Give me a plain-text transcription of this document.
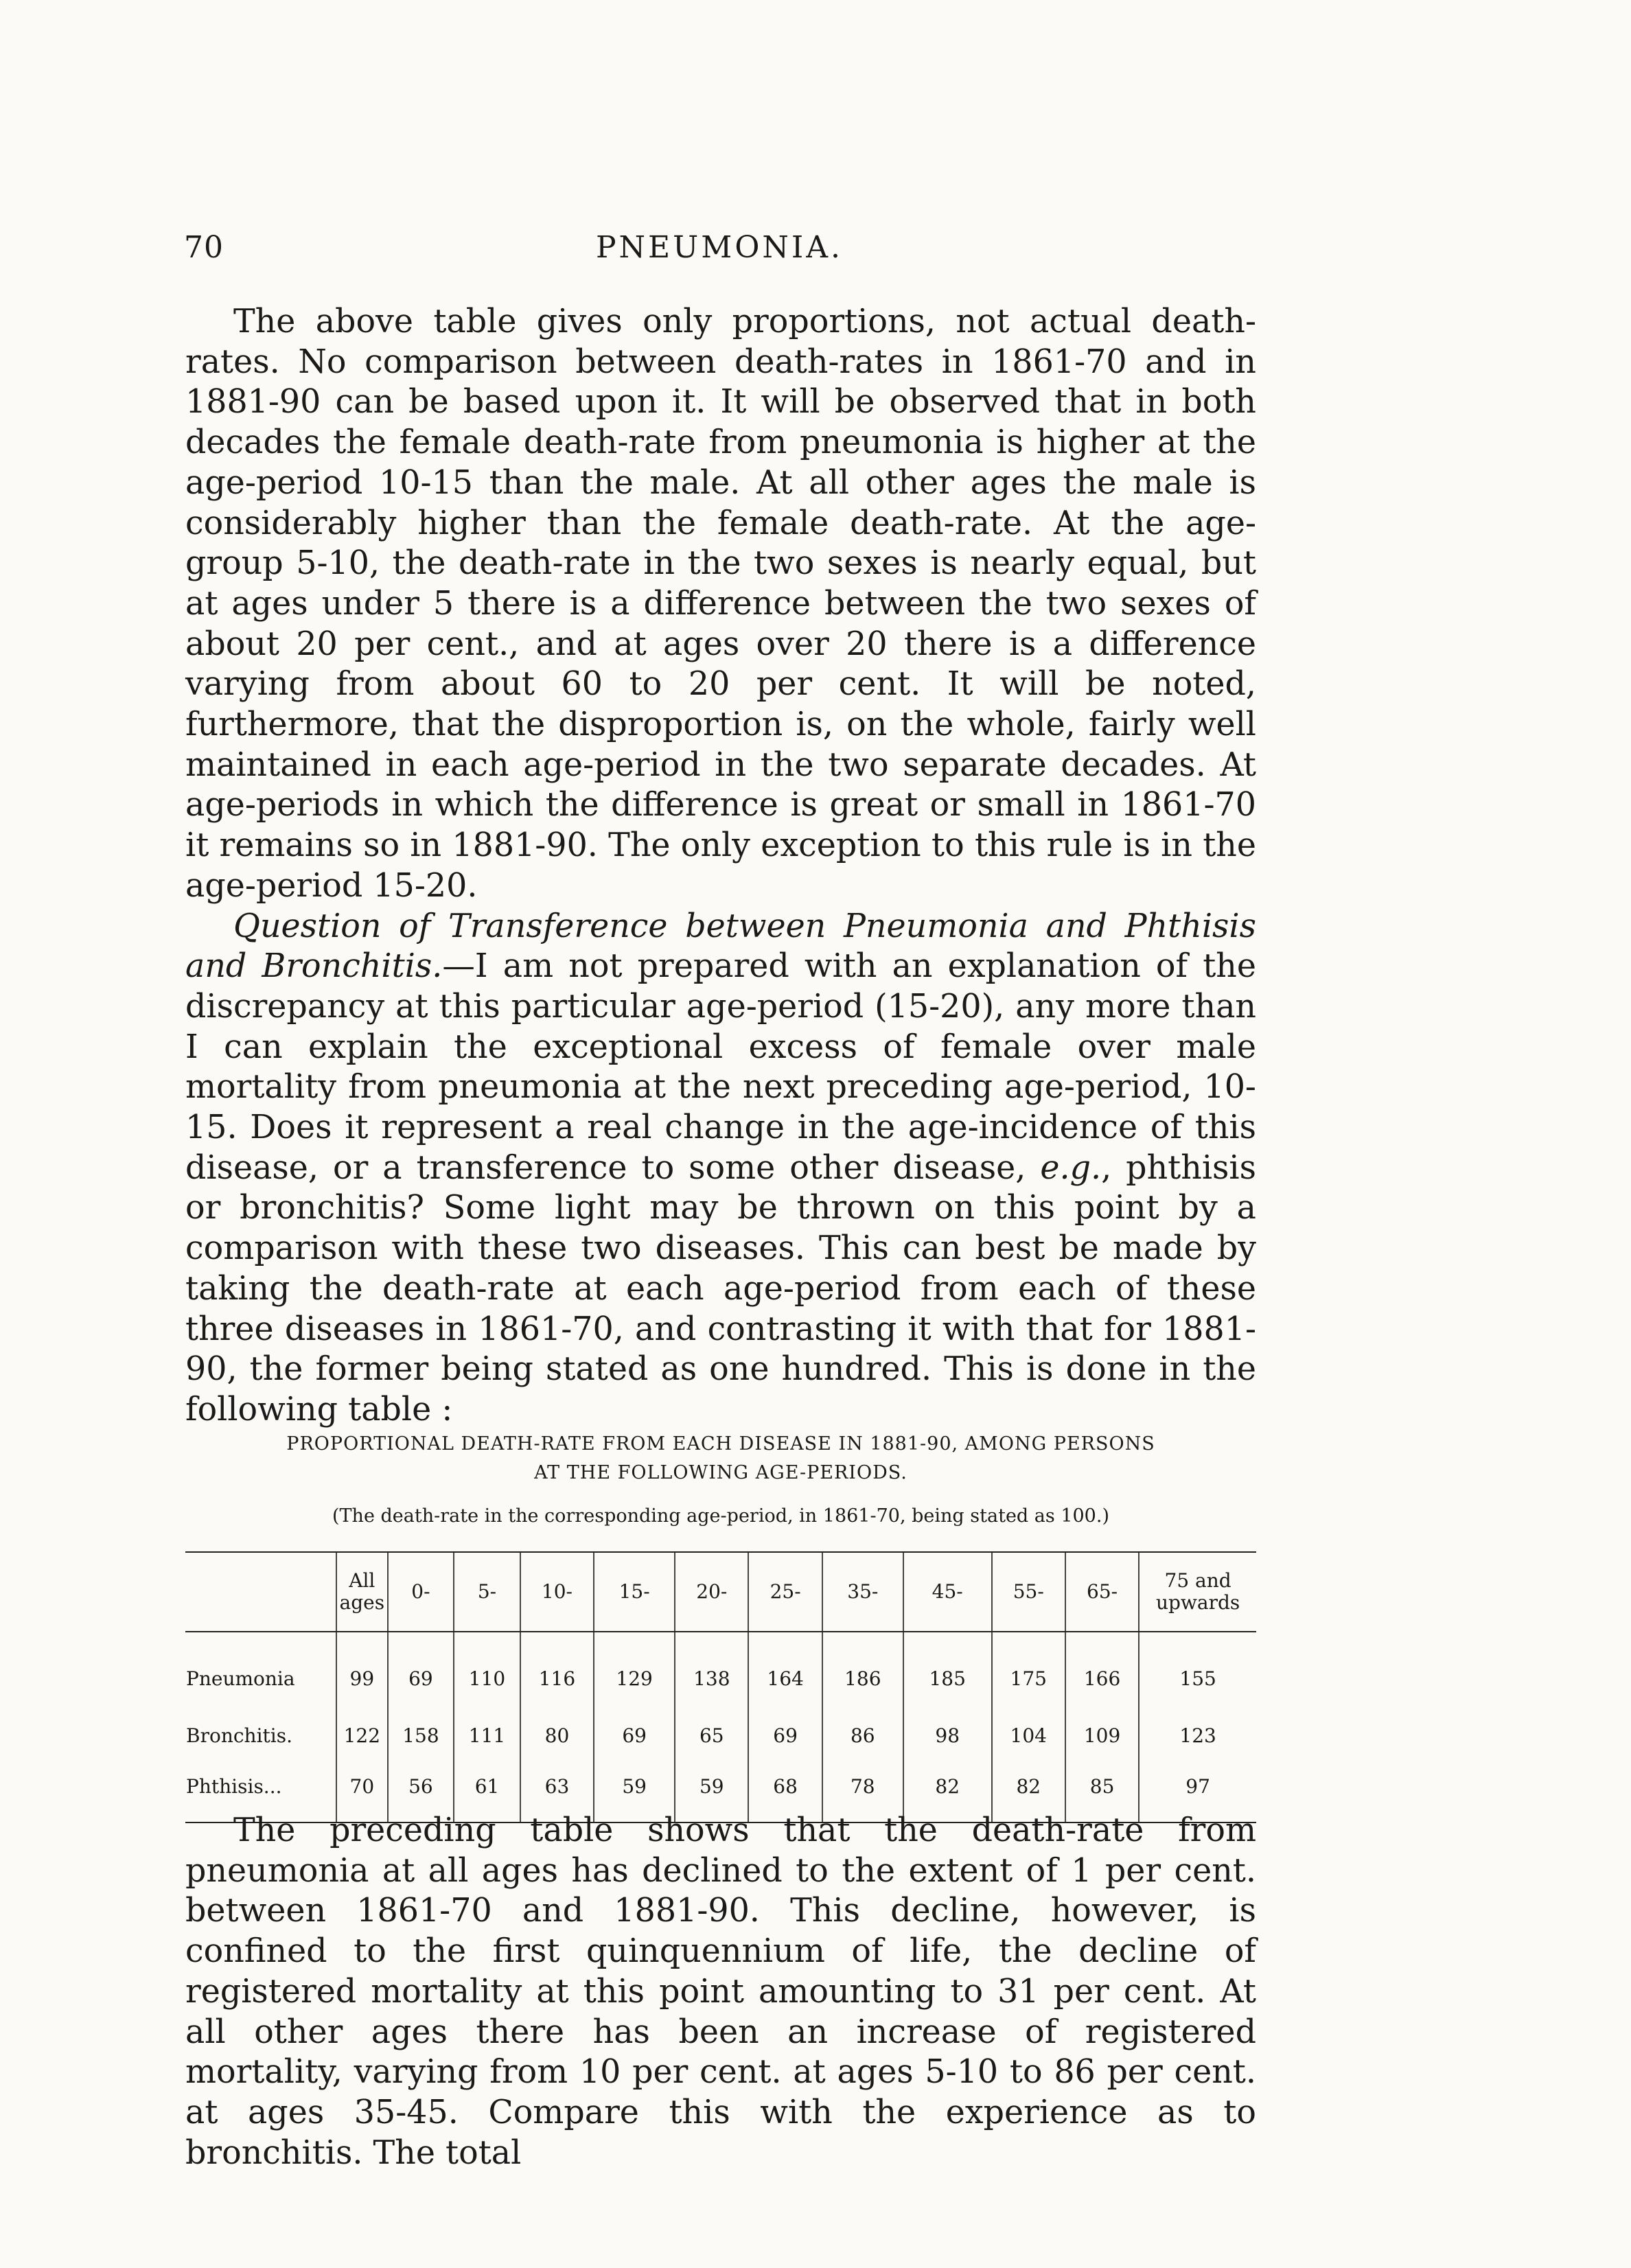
70	PNEUMONIA.

The above table gives only proportions, not actual death-rates. No comparison between death-rates in 1861-70 and in 1881-90 can be based upon it. It will be observed that in both decades the female death-rate from pneumonia is higher at the age-period 10-15 than the male. At all other ages the male is considerably higher than the female death-rate. At the age-group 5-10, the death-rate in the two sexes is nearly equal, but at ages under 5 there is a difference between the two sexes of about 20 per cent., and at ages over 20 there is a difference varying from about 60 to 20 per cent. It will be noted, furthermore, that the disproportion is, on the whole, fairly well maintained in each age-period in the two separate decades. At age-periods in which the difference is great or small in 1861-70 it remains so in 1881-90. The only exception to this rule is in the age-period 15-20.

Question of Transference between Pneumonia and Phthisis and Bronchitis.—I am not prepared with an explanation of the discrepancy at this particular age-period (15-20), any more than I can explain the exceptional excess of female over male mortality from pneumonia at the next preceding age-period, 10-15. Does it represent a real change in the age-incidence of this disease, or a transference to some other disease, e.g., phthisis or bronchitis? Some light may be thrown on this point by a comparison with these two diseases. This can best be made by taking the death-rate at each age-period from each of these three diseases in 1861-70, and contrasting it with that for 1881-90, the former being stated as one hundred. This is done in the following table :

PROPORTIONAL DEATH-RATE FROM EACH DISEASE IN 1881-90, AMONG PERSONS
AT THE FOLLOWING AGE-PERIODS.
(The death-rate in the corresponding age-period, in 1861-70, being stated as 100.)
	All ages	0-	5-	10-	15-	20-	25-	35-	45-	55-	65-	75 and upwards
Pneumonia	99	69	110	116	129	138	164	186	185	175	166	155
Bronchitis.	122	158	111	80	69	65	69	86	98	104	109	123
Phthisis...	70	56	61	63	59	59	68	78	82	82	85	97

The preceding table shows that the death-rate from pneumonia at all ages has declined to the extent of 1 per cent. between 1861-70 and 1881-90. This decline, however, is confined to the first quinquennium of life, the decline of registered mortality at this point amounting to 31 per cent. At all other ages there has been an increase of registered mortality, varying from 10 per cent. at ages 5-10 to 86 per cent. at ages 35-45. Compare this with the experience as to bronchitis. The total
